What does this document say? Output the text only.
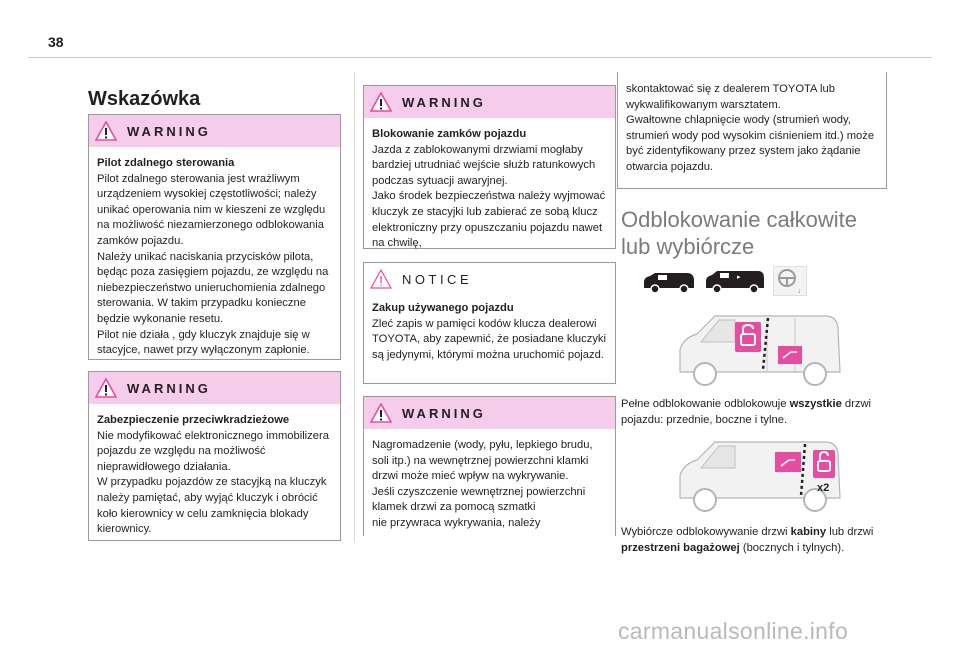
38
Wskazówka
WARNING
Pilot zdalnego sterowania
Pilot zdalnego sterowania jest wrażliwym urządzeniem wysokiej częstotliwości; należy unikać operowania nim w kieszeni ze względu na możliwość niezamierzonego odblokowania zamków pojazdu.
Należy unikać naciskania przycisków pilota, będąc poza zasięgiem pojazdu, ze względu na niebezpieczeństwo unieruchomienia zdalnego sterowania. W takim przypadku konieczne będzie wykonanie resetu.
Pilot nie działa , gdy kluczyk znajduje się w stacyjce, nawet przy wyłączonym zapłonie.
WARNING
Zabezpieczenie przeciwkradzieżowe
Nie modyfikować elektronicznego immobilizera pojazdu ze względu na możliwość nieprawidłowego działania.
W przypadku pojazdów ze stacyjką na kluczyk należy pamiętać, aby wyjąć kluczyk i obrócić koło kierownicy w celu zamknięcia blokady kierownicy.
WARNING
Blokowanie zamków pojazdu
Jazda z zablokowanymi drzwiami mogłaby bardziej utrudniać wejście służb ratunkowych podczas sytuacji awaryjnej.
Jako środek bezpieczeństwa należy wyjmować kluczyk ze stacyjki lub zabierać ze sobą klucz elektroniczny przy opuszczaniu pojazdu nawet na chwilę,
NOTICE
Zakup używanego pojazdu
Zleć zapis w pamięci kodów klucza dealerowi TOYOTA, aby zapewnić, że posiadane kluczyki są jedynymi, którymi można uruchomić pojazd.
WARNING
Nagromadzenie (wody, pyłu, lepkiego brudu, soli itp.) na wewnętrznej powierzchni klamki drzwi może mieć wpływ na wykrywanie.
Jeśli czyszczenie wewnętrznej powierzchni klamek drzwi za pomocą szmatki
nie przywraca wykrywania, należy
skontaktować się z dealerem TOYOTA lub wykwalifikowanym warsztatem.
Gwałtowne chlapnięcie wody (strumień wody, strumień wody pod wysokim ciśnieniem itd.) może być zidentyfikowany przez system jako żądanie otwarcia pojazdu.
Odblokowanie całkowite
lub wybiórcze
▸
↓
Pełne odblokowanie odblokowuje wszystkie drzwi pojazdu: przednie, boczne i tylne.
x2
Wybiórcze odblokowywanie drzwi kabiny lub drzwi przestrzeni bagażowej (bocznych i tylnych).
carmanualsonline.info
